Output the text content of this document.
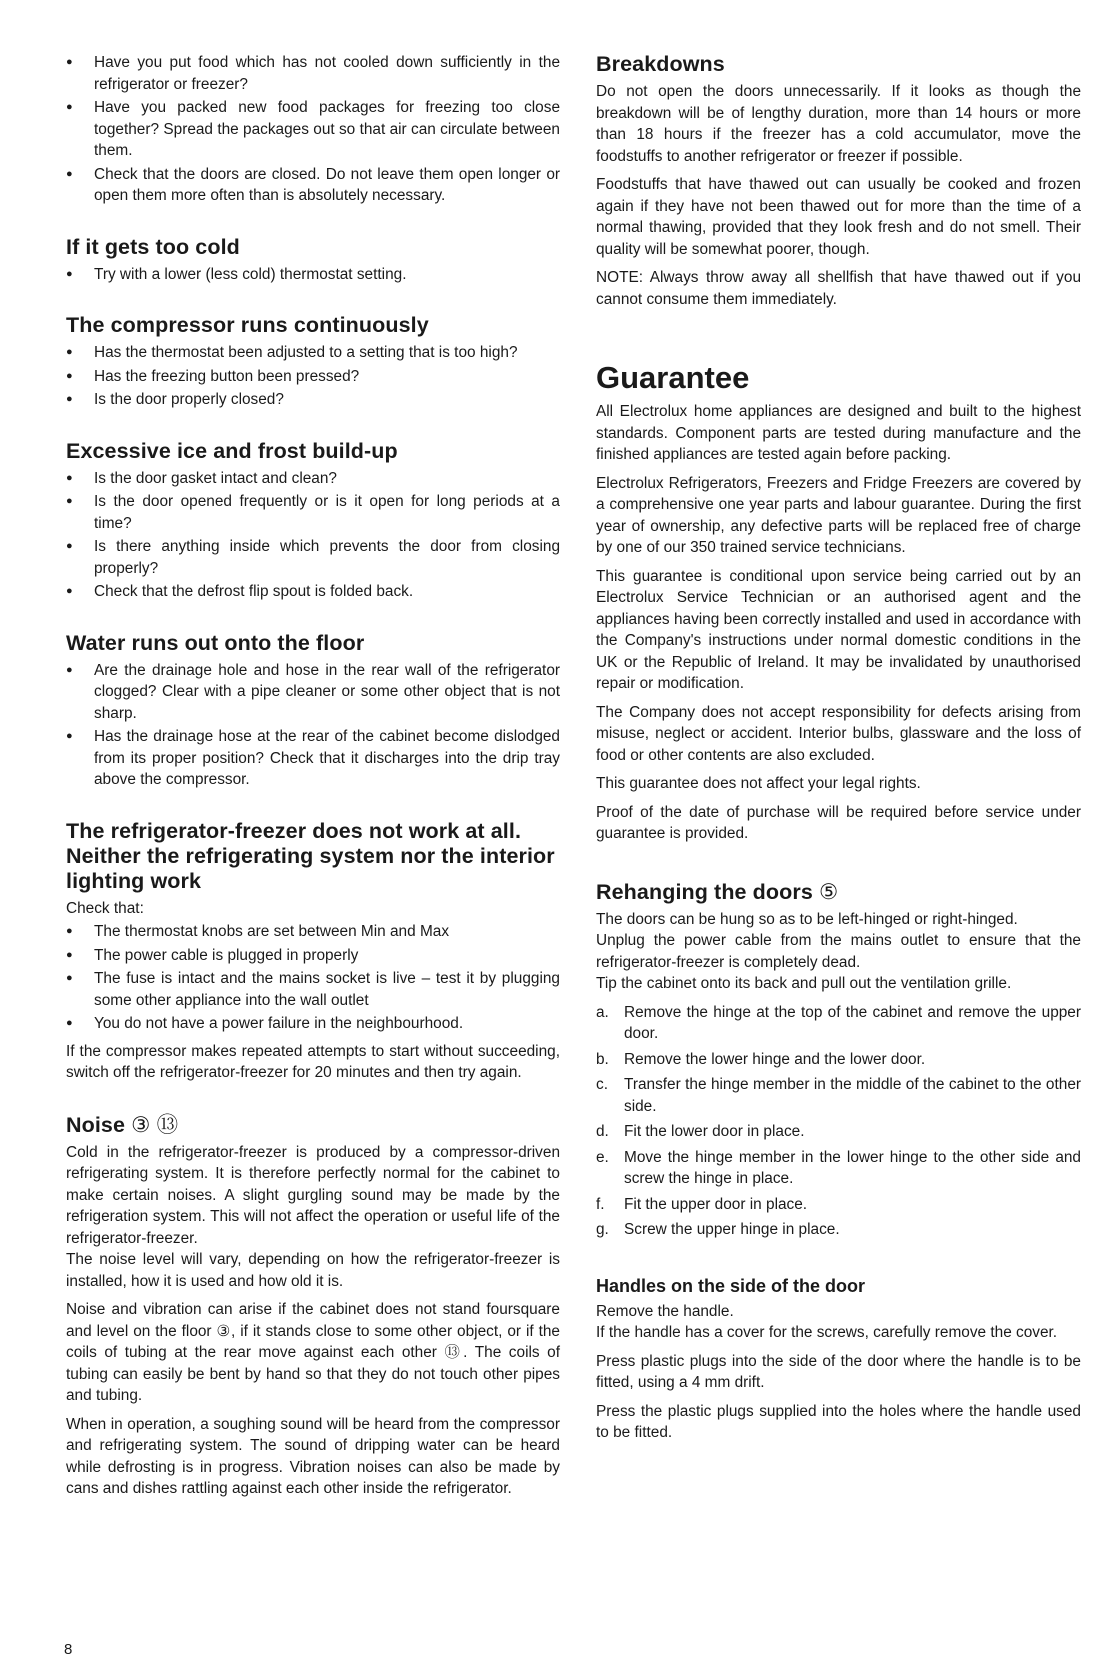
● Have you put food which has not cooled down sufficiently in the refrigerator or freezer?
● Have you packed new food packages for freezing too close together? Spread the packages out so that air can circulate between them.
● Check that the doors are closed. Do not leave them open longer or open them more often than is absolutely necessary.
If it gets too cold
● Try with a lower (less cold) thermostat setting.
The compressor runs continuously
● Has the thermostat been adjusted to a setting that is too high?
● Has the freezing button been pressed?
● Is the door properly closed?
Excessive ice and frost build-up
● Is the door gasket intact and clean?
● Is the door opened frequently or is it open for long periods at a time?
● Is there anything inside which prevents the door from closing properly?
● Check that the defrost flip spout is folded back.
Water runs out onto the floor
● Are the drainage hole and hose in the rear wall of the refrigerator clogged? Clear with a pipe cleaner or some other object that is not sharp.
● Has the drainage hose at the rear of the cabinet become dislodged from its proper position? Check that it discharges into the drip tray above the compressor.
The refrigerator-freezer does not work at all. Neither the refrigerating system nor the interior lighting work

Check that:

● The thermostat knobs are set between Min and Max
● The power cable is plugged in properly
● The fuse is intact and the mains socket is live – test it by plugging some other appliance into the wall outlet
● You do not have a power failure in the neighbourhood.

If the compressor makes repeated attempts to start without succeeding, switch off the refrigerator-freezer for 20 minutes and then try again.

Noise ③ ⑬

Cold in the refrigerator-freezer is produced by a compressor-driven refrigerating system. It is therefore perfectly normal for the cabinet to make certain noises. A slight gurgling sound may be made by the refrigeration system. This will not affect the operation or useful life of the refrigerator-freezer.

The noise level will vary, depending on how the refrigerator-freezer is installed, how it is used and how old it is.

Noise and vibration can arise if the cabinet does not stand foursquare and level on the floor ③, if it stands close to some other object, or if the coils of tubing at the rear move against each other ⑬. The coils of tubing can easily be bent by hand so that they do not touch other pipes and tubing.

When in operation, a soughing sound will be heard from the compressor and refrigerating system. The sound of dripping water can be heard while defrosting is in progress. Vibration noises can also be made by cans and dishes rattling against each other inside the refrigerator.

Breakdowns

Do not open the doors unnecessarily. If it looks as though the breakdown will be of lengthy duration, more than 14 hours or more than 18 hours if the freezer has a cold accumulator, move the foodstuffs to another refrigerator or freezer if possible.

Foodstuffs that have thawed out can usually be cooked and frozen again if they have not been thawed out for more than the time of a normal thawing, provided that they look fresh and do not smell. Their quality will be somewhat poorer, though.

NOTE: Always throw away all shellfish that have thawed out if you cannot consume them immediately.

Guarantee

All Electrolux home appliances are designed and built to the highest standards. Component parts are tested during manufacture and the finished appliances are tested again before packing.

Electrolux Refrigerators, Freezers and Fridge Freezers are covered by a comprehensive one year parts and labour guarantee. During the first year of ownership, any defective parts will be replaced free of charge by one of our 350 trained service technicians.

This guarantee is conditional upon service being carried out by an Electrolux Service Technician or an authorised agent and the appliances having been correctly installed and used in accordance with the Company's instructions under normal domestic conditions in the UK or the Republic of Ireland. It may be invalidated by unauthorised repair or modification.

The Company does not accept responsibility for defects arising from misuse, neglect or accident. Interior bulbs, glassware and the loss of food or other contents are also excluded.

This guarantee does not affect your legal rights.

Proof of the date of purchase will be required before service under guarantee is provided.

Rehanging the doors ⑤

The doors can be hung so as to be left-hinged or right-hinged.

Unplug the power cable from the mains outlet to ensure that the refrigerator-freezer is completely dead.

Tip the cabinet onto its back and pull out the ventilation grille.

a. Remove the hinge at the top of the cabinet and remove the upper door.
b. Remove the lower hinge and the lower door.
c. Transfer the hinge member in the middle of the cabinet to the other side.
d. Fit the lower door in place.
e. Move the hinge member in the lower hinge to the other side and screw the hinge in place.
f. Fit the upper door in place.
g. Screw the upper hinge in place.
Handles on the side of the door

Remove the handle.

If the handle has a cover for the screws, carefully remove the cover.

Press plastic plugs into the side of the door where the handle is to be fitted, using a 4 mm drift.

Press the plastic plugs supplied into the holes where the handle used to be fitted.

8
